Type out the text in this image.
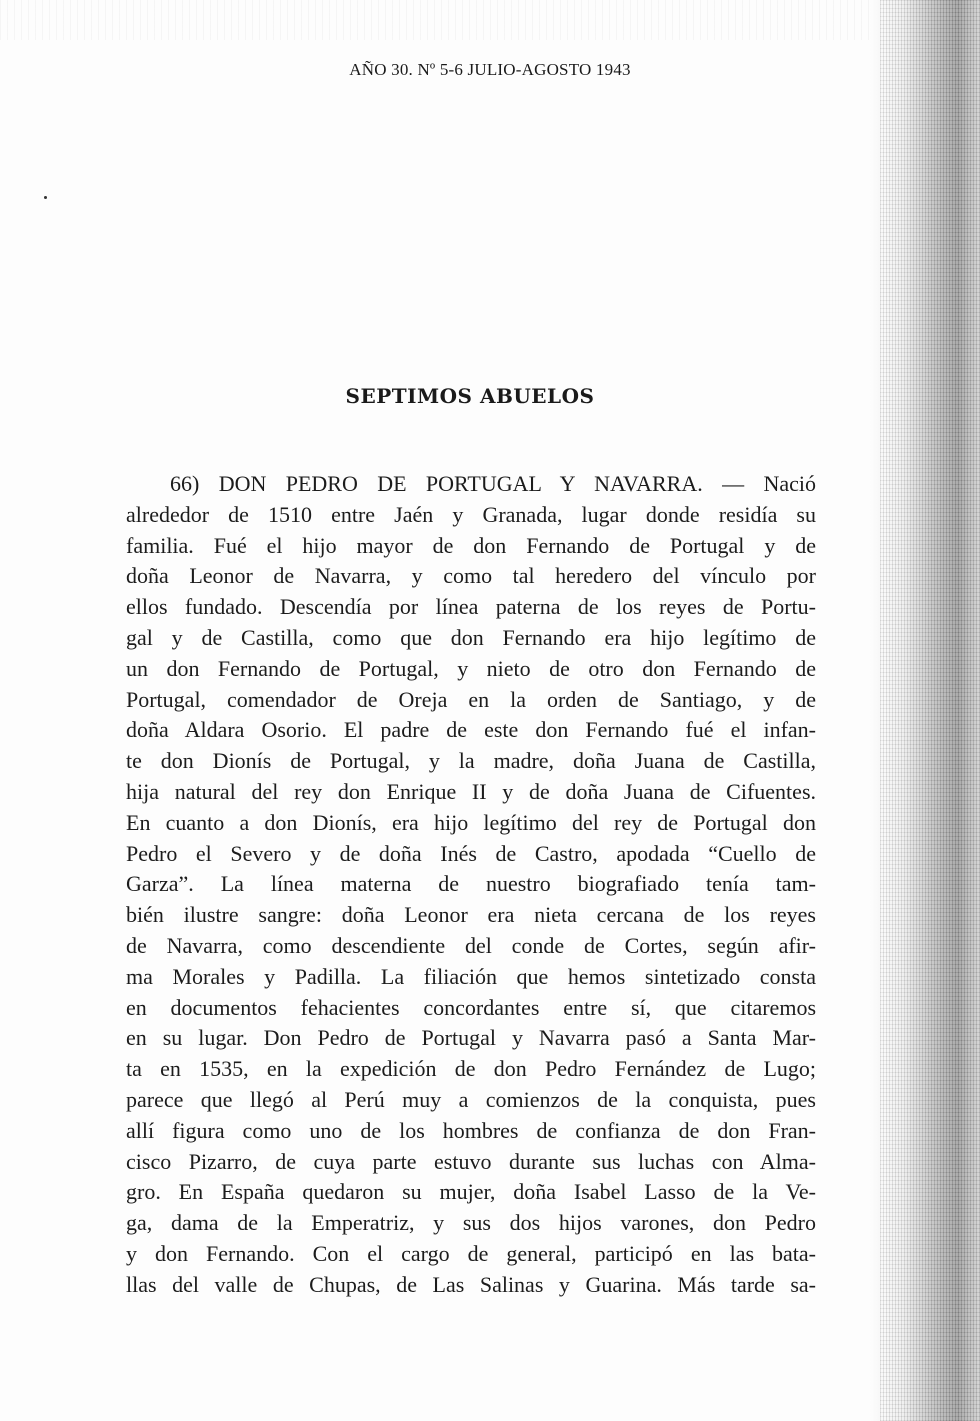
AÑO 30. Nº 5-6 JULIO-AGOSTO 1943
SEPTIMOS ABUELOS
66) DON PEDRO DE PORTUGAL Y NAVARRA. — Nació
alrededor de 1510 entre Jaén y Granada, lugar donde residía su
familia. Fué el hijo mayor de don Fernando de Portugal y de
doña Leonor de Navarra, y como tal heredero del vínculo por
ellos fundado. Descendía por línea paterna de los reyes de Portu-
gal y de Castilla, como que don Fernando era hijo legítimo de
un don Fernando de Portugal, y nieto de otro don Fernando de
Portugal, comendador de Oreja en la orden de Santiago, y de
doña Aldara Osorio. El padre de este don Fernando fué el infan-
te don Dionís de Portugal, y la madre, doña Juana de Castilla,
hija natural del rey don Enrique II y de doña Juana de Cifuentes.
En cuanto a don Dionís, era hijo legítimo del rey de Portugal don
Pedro el Severo y de doña Inés de Castro, apodada “Cuello de
Garza”. La línea materna de nuestro biografiado tenía tam-
bién ilustre sangre: doña Leonor era nieta cercana de los reyes
de Navarra, como descendiente del conde de Cortes, según afir-
ma Morales y Padilla. La filiación que hemos sintetizado consta
en documentos fehacientes concordantes entre sí, que citaremos
en su lugar. Don Pedro de Portugal y Navarra pasó a Santa Mar-
ta en 1535, en la expedición de don Pedro Fernández de Lugo;
parece que llegó al Perú muy a comienzos de la conquista, pues
allí figura como uno de los hombres de confianza de don Fran-
cisco Pizarro, de cuya parte estuvo durante sus luchas con Alma-
gro. En España quedaron su mujer, doña Isabel Lasso de la Ve-
ga, dama de la Emperatriz, y sus dos hijos varones, don Pedro
y don Fernando. Con el cargo de general, participó en las bata-
llas del valle de Chupas, de Las Salinas y Guarina. Más tarde sa-
